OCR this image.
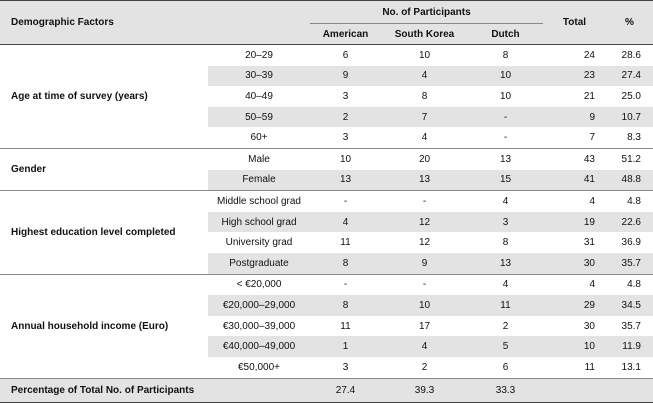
Demographic Factors		No. of Participants			Total	%
		American	South Korea	Dutch		
Age at time of survey (years)	20–29	6	10	8	24	28.6
	30–39	9	4	10	23	27.4
	40–49	3	8	10	21	25.0
	50–59	2	7	-	9	10.7
	60+	3	4	-	7	8.3
Gender	Male	10	20	13	43	51.2
	Female	13	13	15	41	48.8
Highest education level completed	Middle school grad	-	-	4	4	4.8
	High school grad	4	12	3	19	22.6
	University grad	11	12	8	31	36.9
	Postgraduate	8	9	13	30	35.7
Annual household income (Euro)	< €20,000	-	-	4	4	4.8
	€20,000–29,000	8	10	11	29	34.5
	€30,000–39,000	11	17	2	30	35.7
	€40,000–49,000	1	4	5	10	11.9
	€50,000+	3	2	6	11	13.1
Percentage of Total No. of Participants		27.4	39.3	33.3		
